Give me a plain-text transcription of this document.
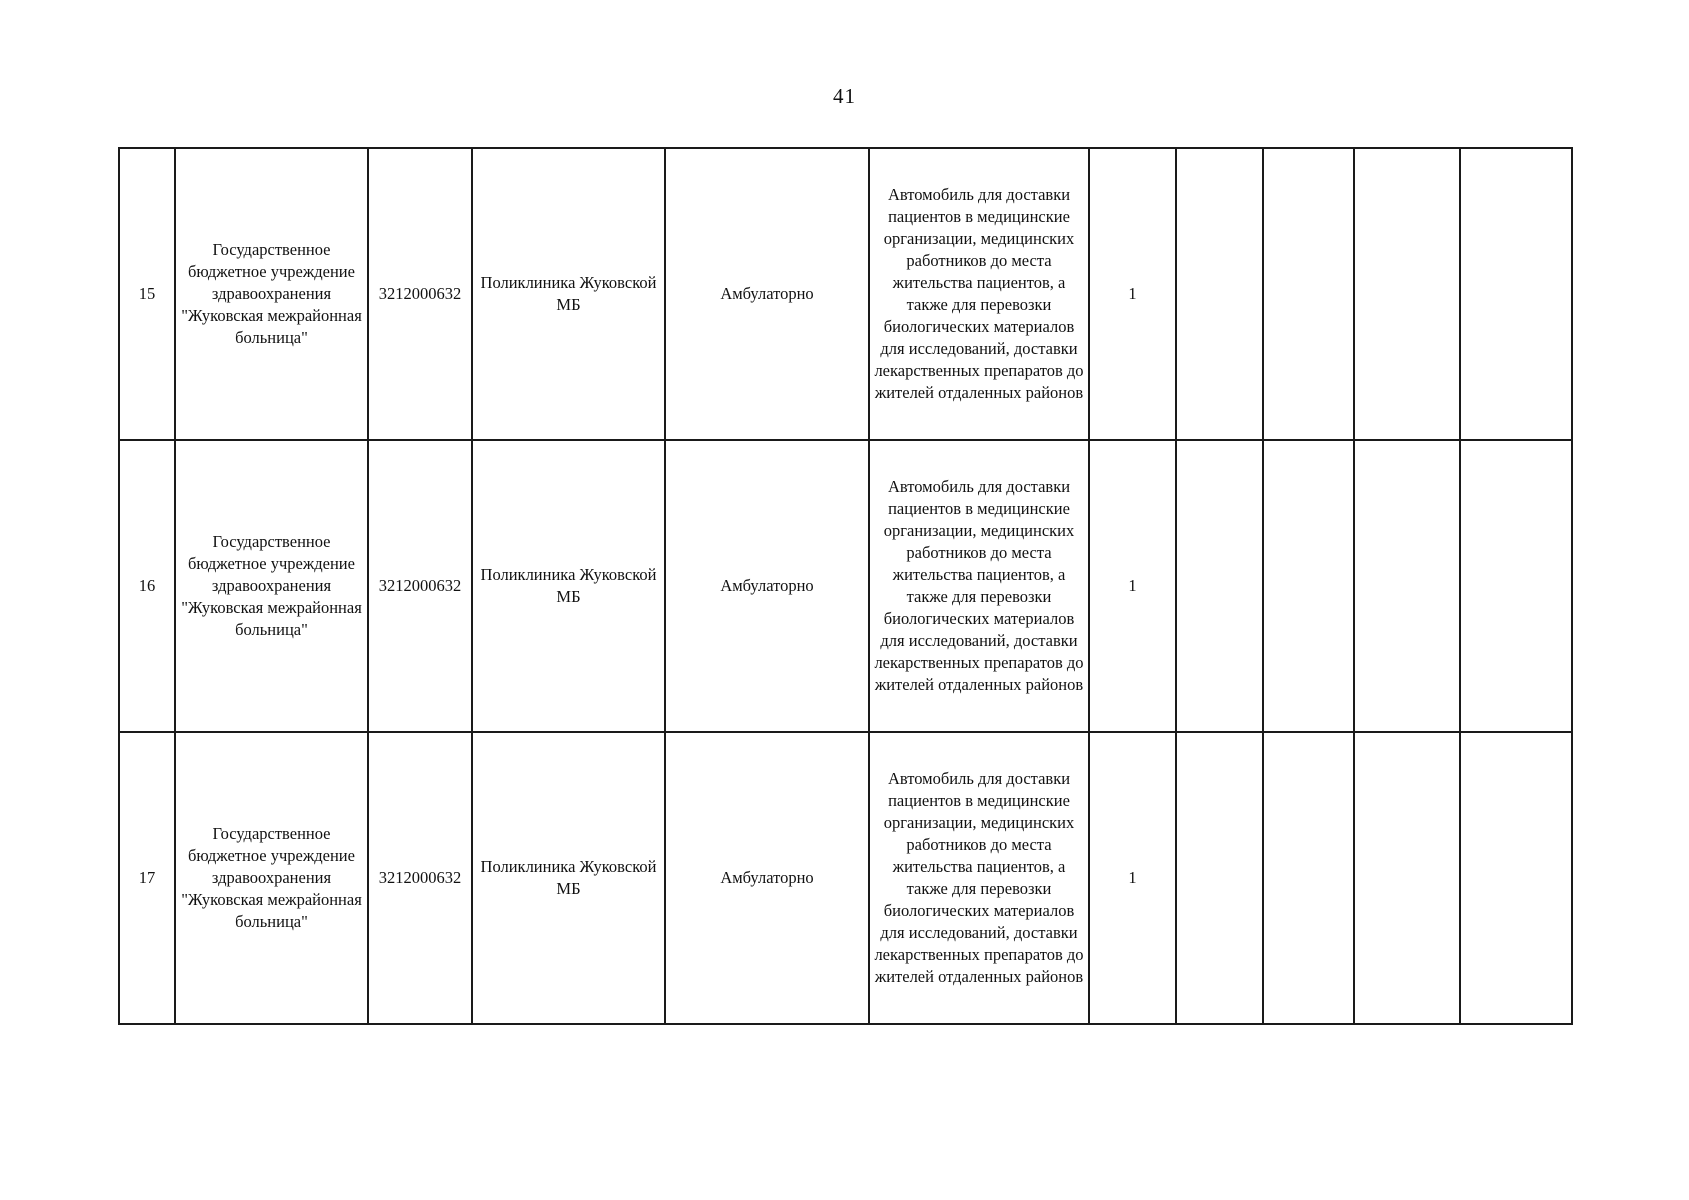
41
15	Государственное бюджетное учреждение здравоохранения "Жуковская межрайонная больница"	3212000632	Поликлиника Жуковской МБ	Амбулаторно	Автомобиль для доставки пациентов в медицинские организации, медицинских работников до места жительства пациентов, а также для перевозки биологических материалов для исследований, доставки лекарственных препаратов до жителей отдаленных районов	1				
16	Государственное бюджетное учреждение здравоохранения "Жуковская межрайонная больница"	3212000632	Поликлиника Жуковской МБ	Амбулаторно	Автомобиль для доставки пациентов в медицинские организации, медицинских работников до места жительства пациентов, а также для перевозки биологических материалов для исследований, доставки лекарственных препаратов до жителей отдаленных районов	1				
17	Государственное бюджетное учреждение здравоохранения "Жуковская межрайонная больница"	3212000632	Поликлиника Жуковской МБ	Амбулаторно	Автомобиль для доставки пациентов в медицинские организации, медицинских работников до места жительства пациентов, а также для перевозки биологических материалов для исследований, доставки лекарственных препаратов до жителей отдаленных районов	1				
